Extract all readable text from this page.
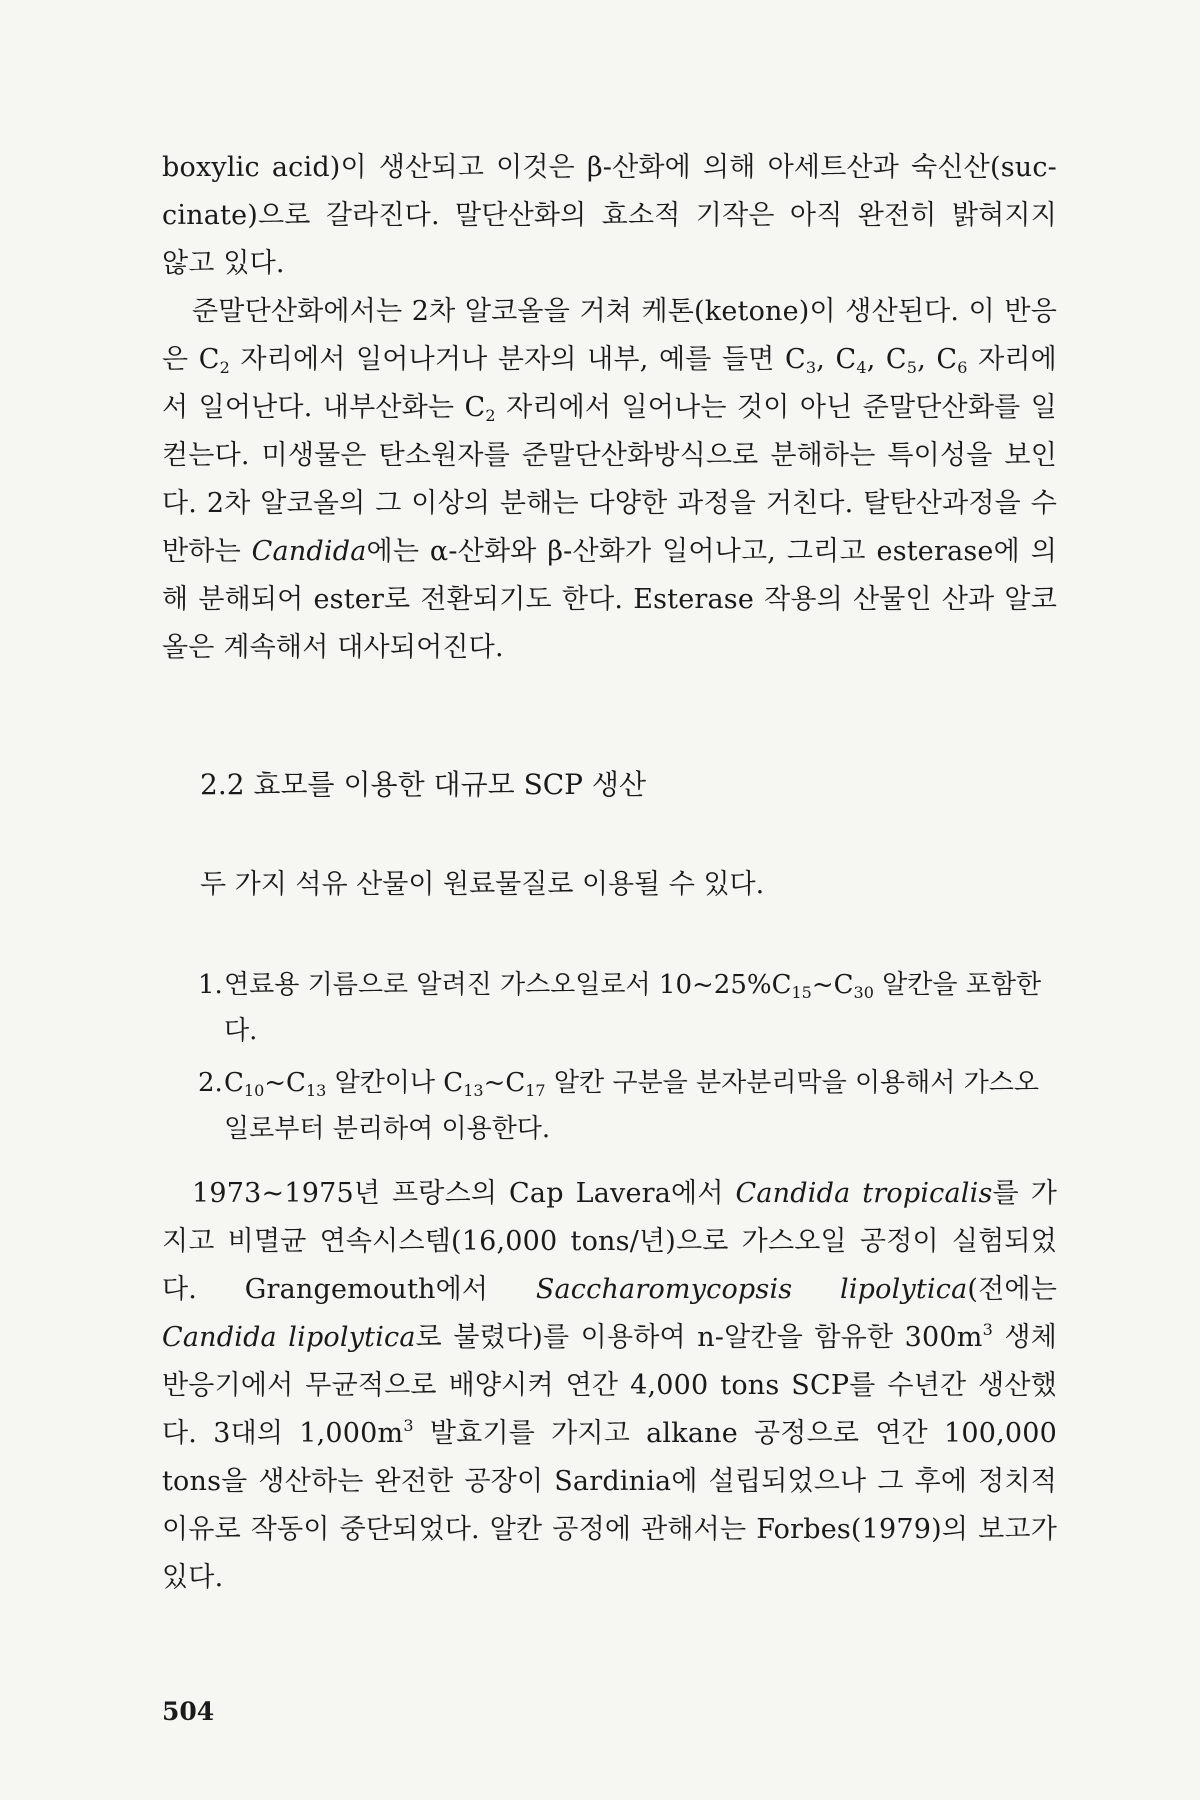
boxylic acid)이 생산되고 이것은 β-산화에 의해 아세트산과 숙신산(suc-

cinate)으로 갈라진다. 말단산화의 효소적 기작은 아직 완전히 밝혀지지

않고 있다.

준말단산화에서는 2차 알코올을 거쳐 케톤(ketone)이 생산된다. 이 반응은 $C_2$ 자리에서 일어나거나 분자의 내부, 예를 들면 $C_3$, $C_4$, $C_5$, $C_6$ 자리에서 일어난다. 내부산화는 $C_2$ 자리에서 일어나는 것이 아닌 준말단산화를 일컫는다. 미생물은 탄소원자를 준말단산화방식으로 분해하는 특이성을 보인다. 2차 알코올의 그 이상의 분해는 다양한 과정을 거친다. 탈탄산과정을 수반하는 Candida에는 α-산화와 β-산화가 일어나고, 그리고 esterase에 의해 분해되어 ester로 전환되기도 한다. Esterase 작용의 산물인 산과 알코올은 계속해서 대사되어진다.

2.2 효모를 이용한 대규모 SCP 생산
두 가지 석유 산물이 원료물질로 이용될 수 있다.
1. 연료용 기름으로 알려진 가스오일로서 $10\sim 25\%C_{15}\sim C_{30}$ 알칸을 포함한다.
2. $C_{10}\sim C_{13}$ 알칸이나 $C_{13}\sim C_{17}$ 알칸 구분을 분자분리막을 이용해서 가스오일로부터 분리하여 이용한다.

1973~1975년 프랑스의 Cap Lavera에서 Candida tropicalis를 가지고 비멸균 연속시스템(16,000 tons/년)으로 가스오일 공정이 실험되었다. Grangemouth에서 Saccharomycopsis lipolytica(전에는 Candida lipolytica로 불렸다)를 이용하여 n-알칸을 함유한 $300m^3$ 생체반응기에서 무균적으로 배양시켜 연간 4,000 tons SCP를 수년간 생산했다. 3대의 $1,000m^3$ 발효기를 가지고 alkane 공정으로 연간 100,000 tons을 생산하는 완전한 공장이 Sardinia에 설립되었으나 그 후에 정치적 이유로 작동이 중단되었다. 알칸 공정에 관해서는 Forbes(1979)의 보고가 있다.

504
